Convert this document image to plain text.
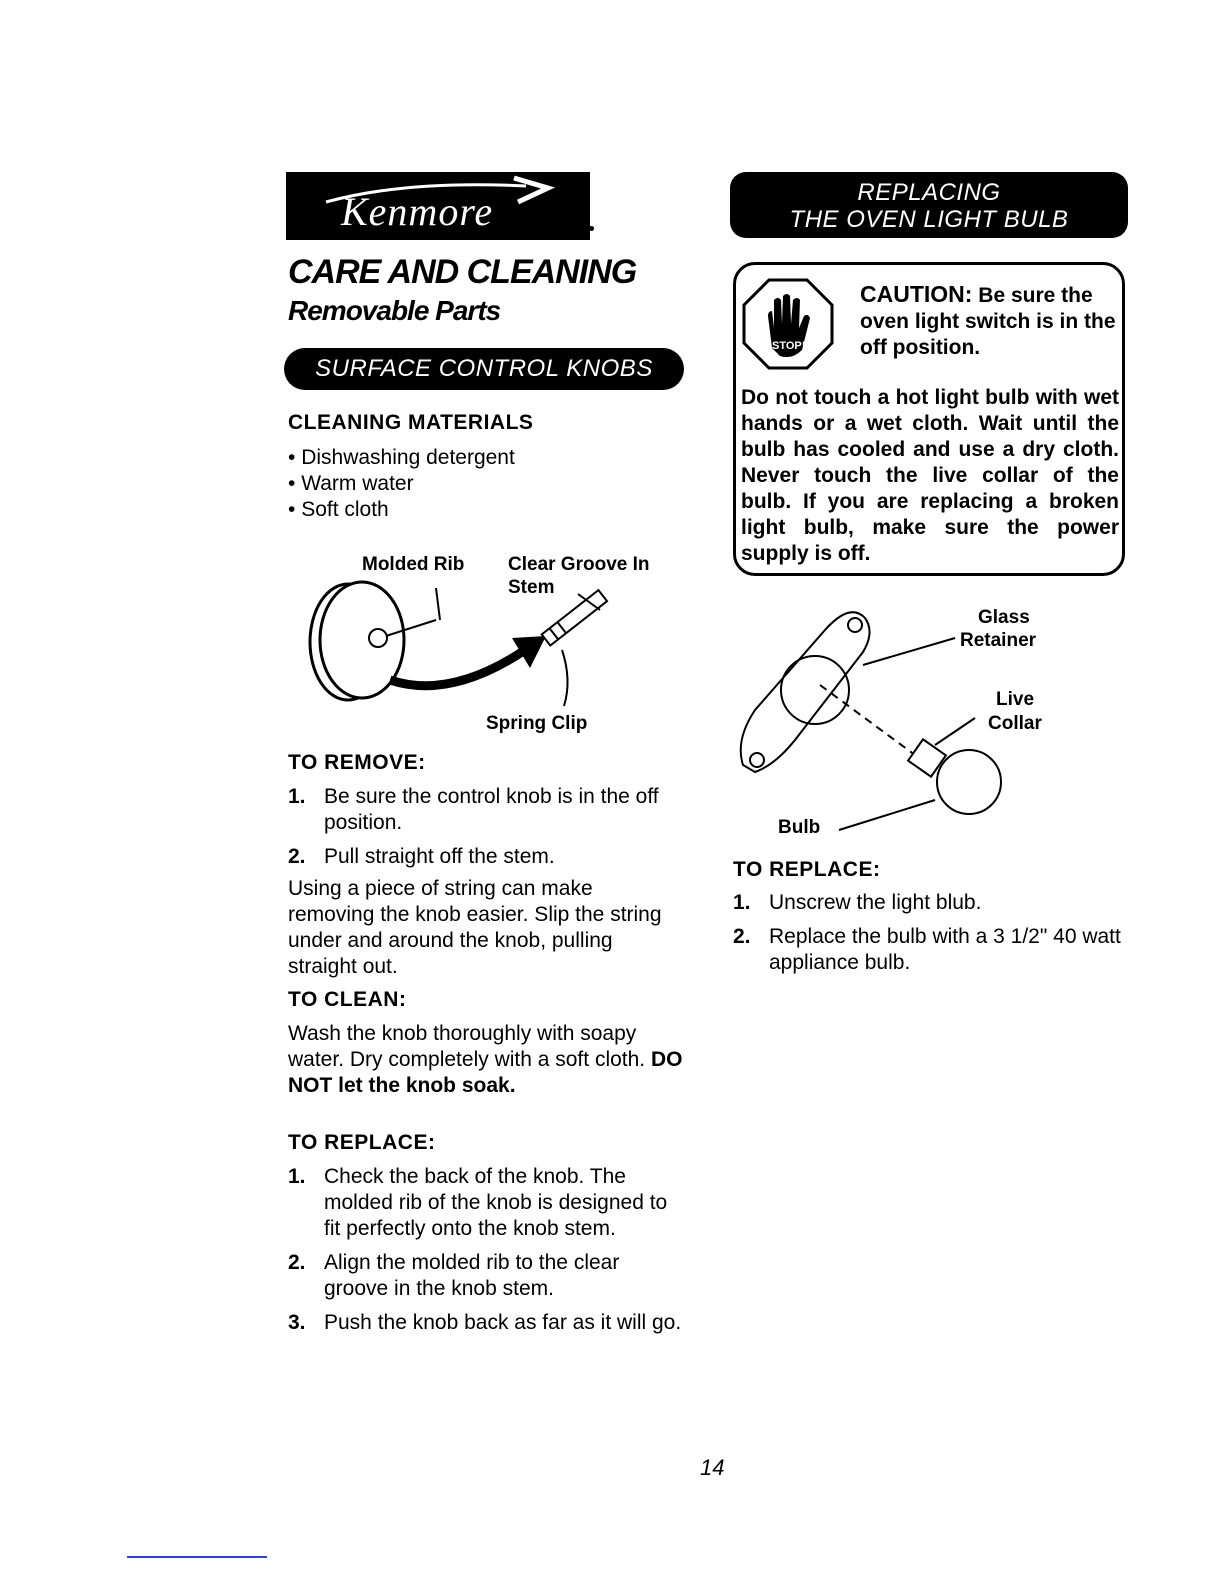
Kenmore
CARE AND CLEANING
Removable Parts
SURFACE CONTROL KNOBS
CLEANING MATERIALS
• Dishwashing detergent
• Warm water
• Soft cloth
Molded Rib Clear Groove In
Stem
Spring Clip
TO REMOVE:
1. Be sure the control knob is in the off position.
2. Pull straight off the stem.
Using a piece of string can make removing the knob easier. Slip the string under and around the knob, pulling straight out.
TO CLEAN:
Wash the knob thoroughly with soapy water. Dry completely with a soft cloth. DO NOT let the knob soak.
TO REPLACE:
1. Check the back of the knob. The molded rib of the knob is designed to fit perfectly onto the knob stem.
2. Align the molded rib to the clear groove in the knob stem.
3. Push the knob back as far as it will go.
REPLACING
THE OVEN LIGHT BULB
STOP!
CAUTION: Be sure the oven light switch is in the off position.
Do not touch a hot light bulb with wet hands or a wet cloth. Wait until the bulb has cooled and use a dry cloth. Never touch the live collar of the bulb. If you are replacing a broken light bulb, make sure the power supply is off.
Glass
Retainer
Live
Collar
Bulb
TO REPLACE:
1. Unscrew the light blub.
2. Replace the bulb with a 3 1/2" 40 watt appliance bulb.
14
